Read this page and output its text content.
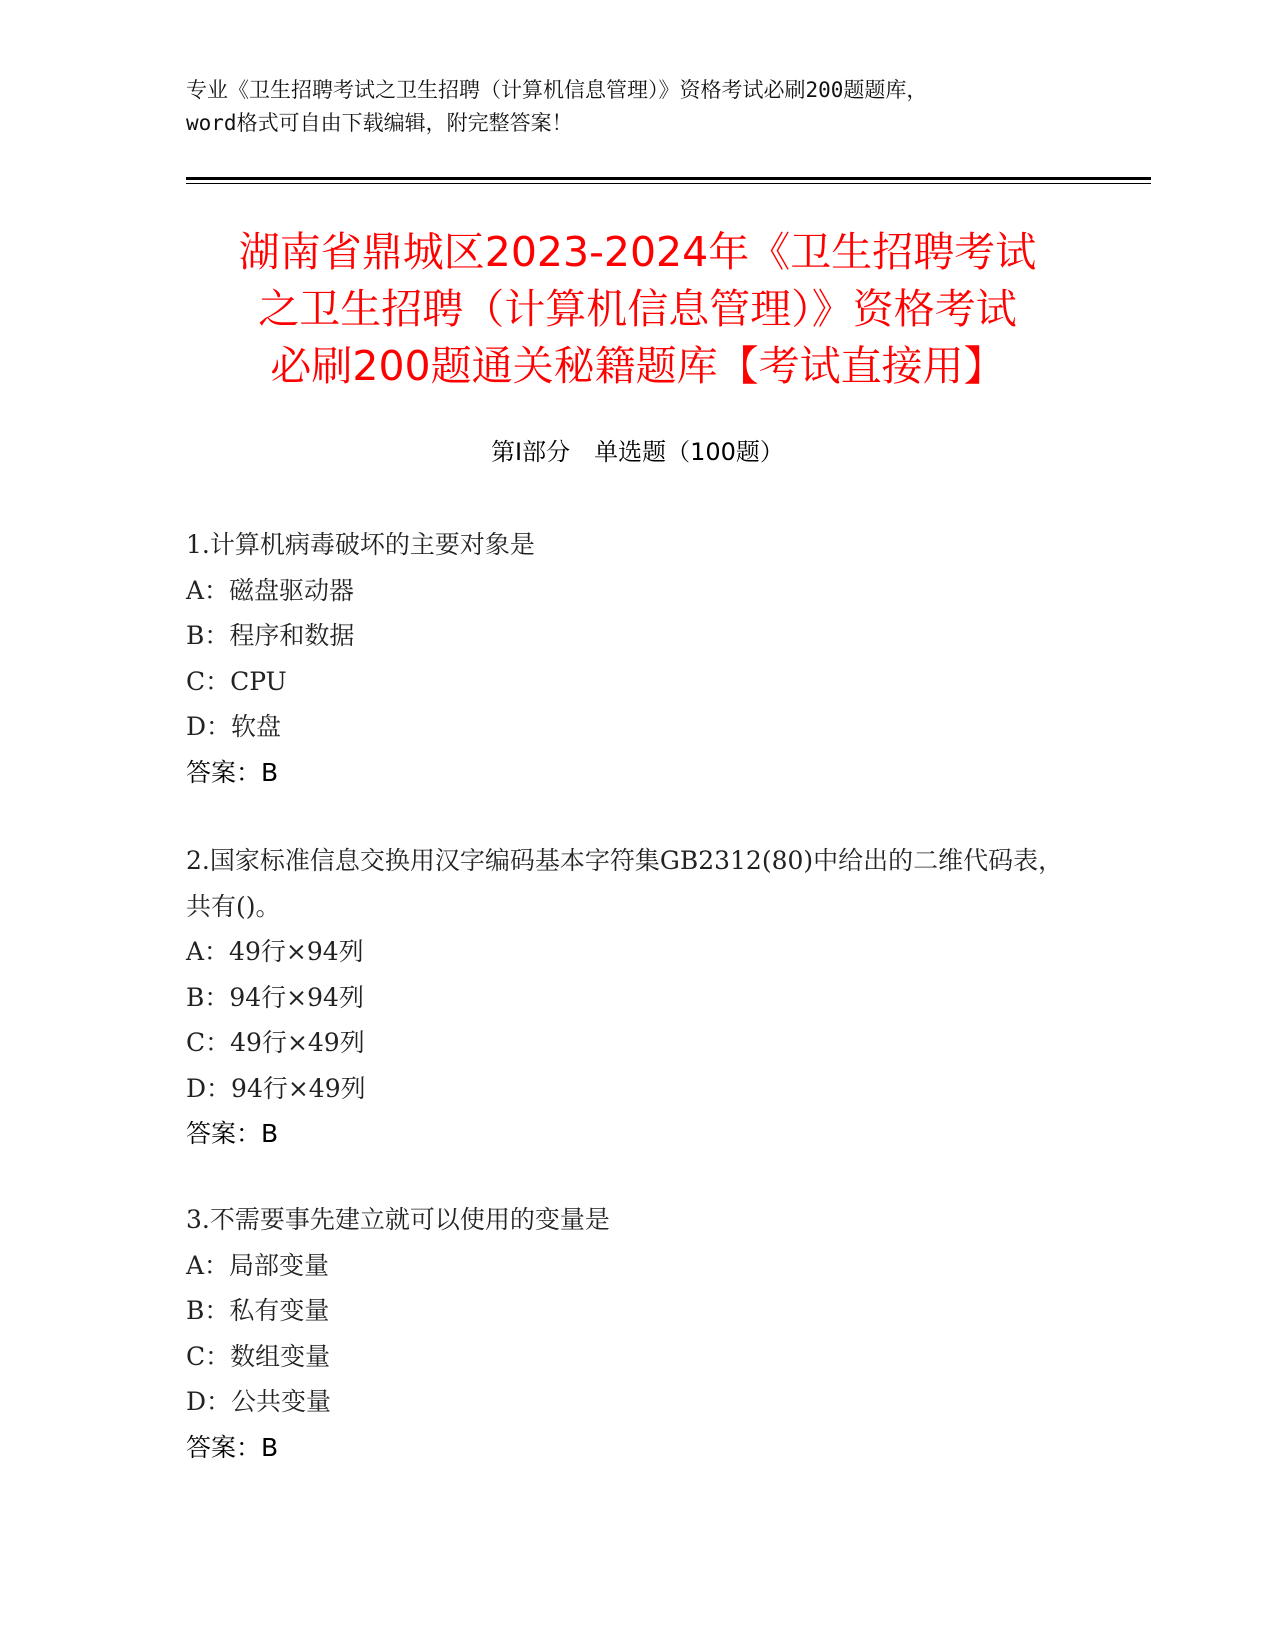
专业《卫生招聘考试之卫生招聘（计算机信息管理）》资格考试必刷200题题库，
word格式可自由下载编辑，附完整答案！
湖南省鼎城区2023-2024年《卫生招聘考试
之卫生招聘（计算机信息管理）》资格考试
必刷200题通关秘籍题库【考试直接用】
第I部分　单选题（100题）
1.计算机病毒破坏的主要对象是
A：磁盘驱动器
B：程序和数据
C：CPU
D：软盘
答案：B
2.国家标准信息交换用汉字编码基本字符集GB2312(80)中给出的二维代码表，共有()。
A：49行×94列
B：94行×94列
C：49行×49列
D：94行×49列
答案：B
3.不需要事先建立就可以使用的变量是
A：局部变量
B：私有变量
C：数组变量
D：公共变量
答案：B
